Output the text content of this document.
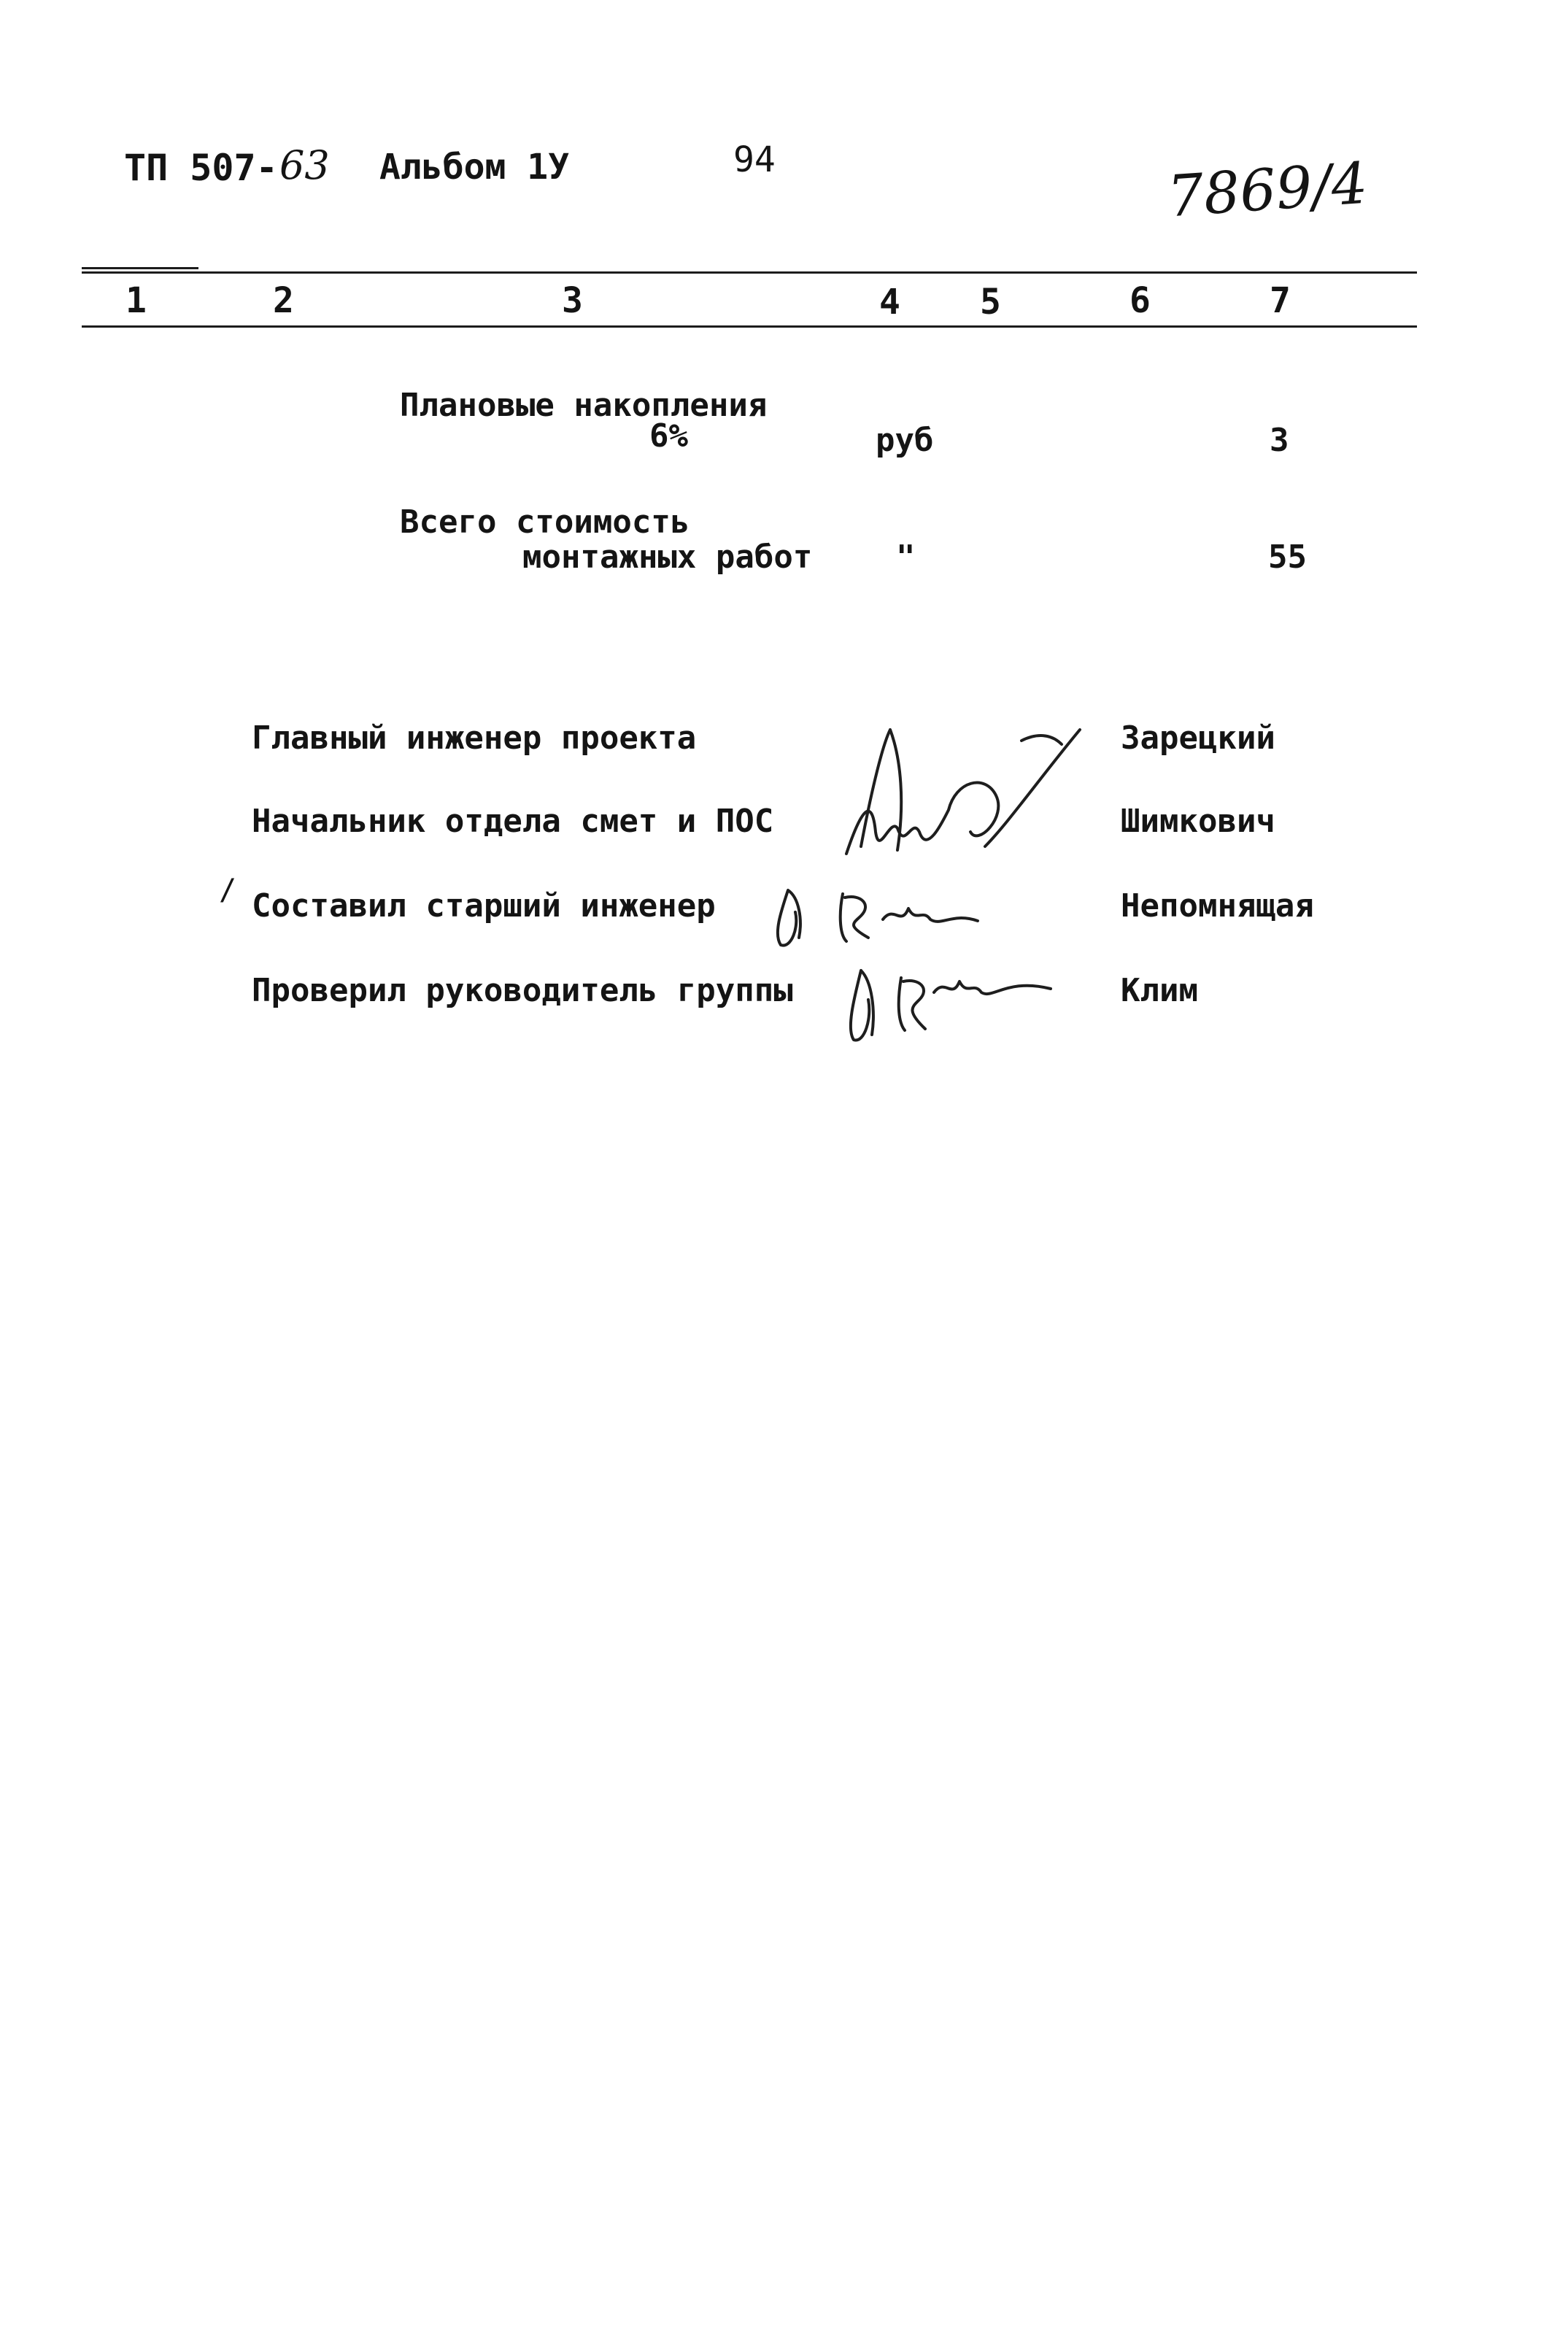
ТП 507- 63 Альбом 1У	94	7869/4
1	2	3	4 5	6	7
Плановые накопления
6%	руб	3
Всего стоимость
монтажных работ	"	55
Главный инженер проекта	Зарецкий
Начальник отдела смет и ПОС	Шимкович
/ Составил старший инженер	Непомнящая
Проверил руководитель группы	Клим
